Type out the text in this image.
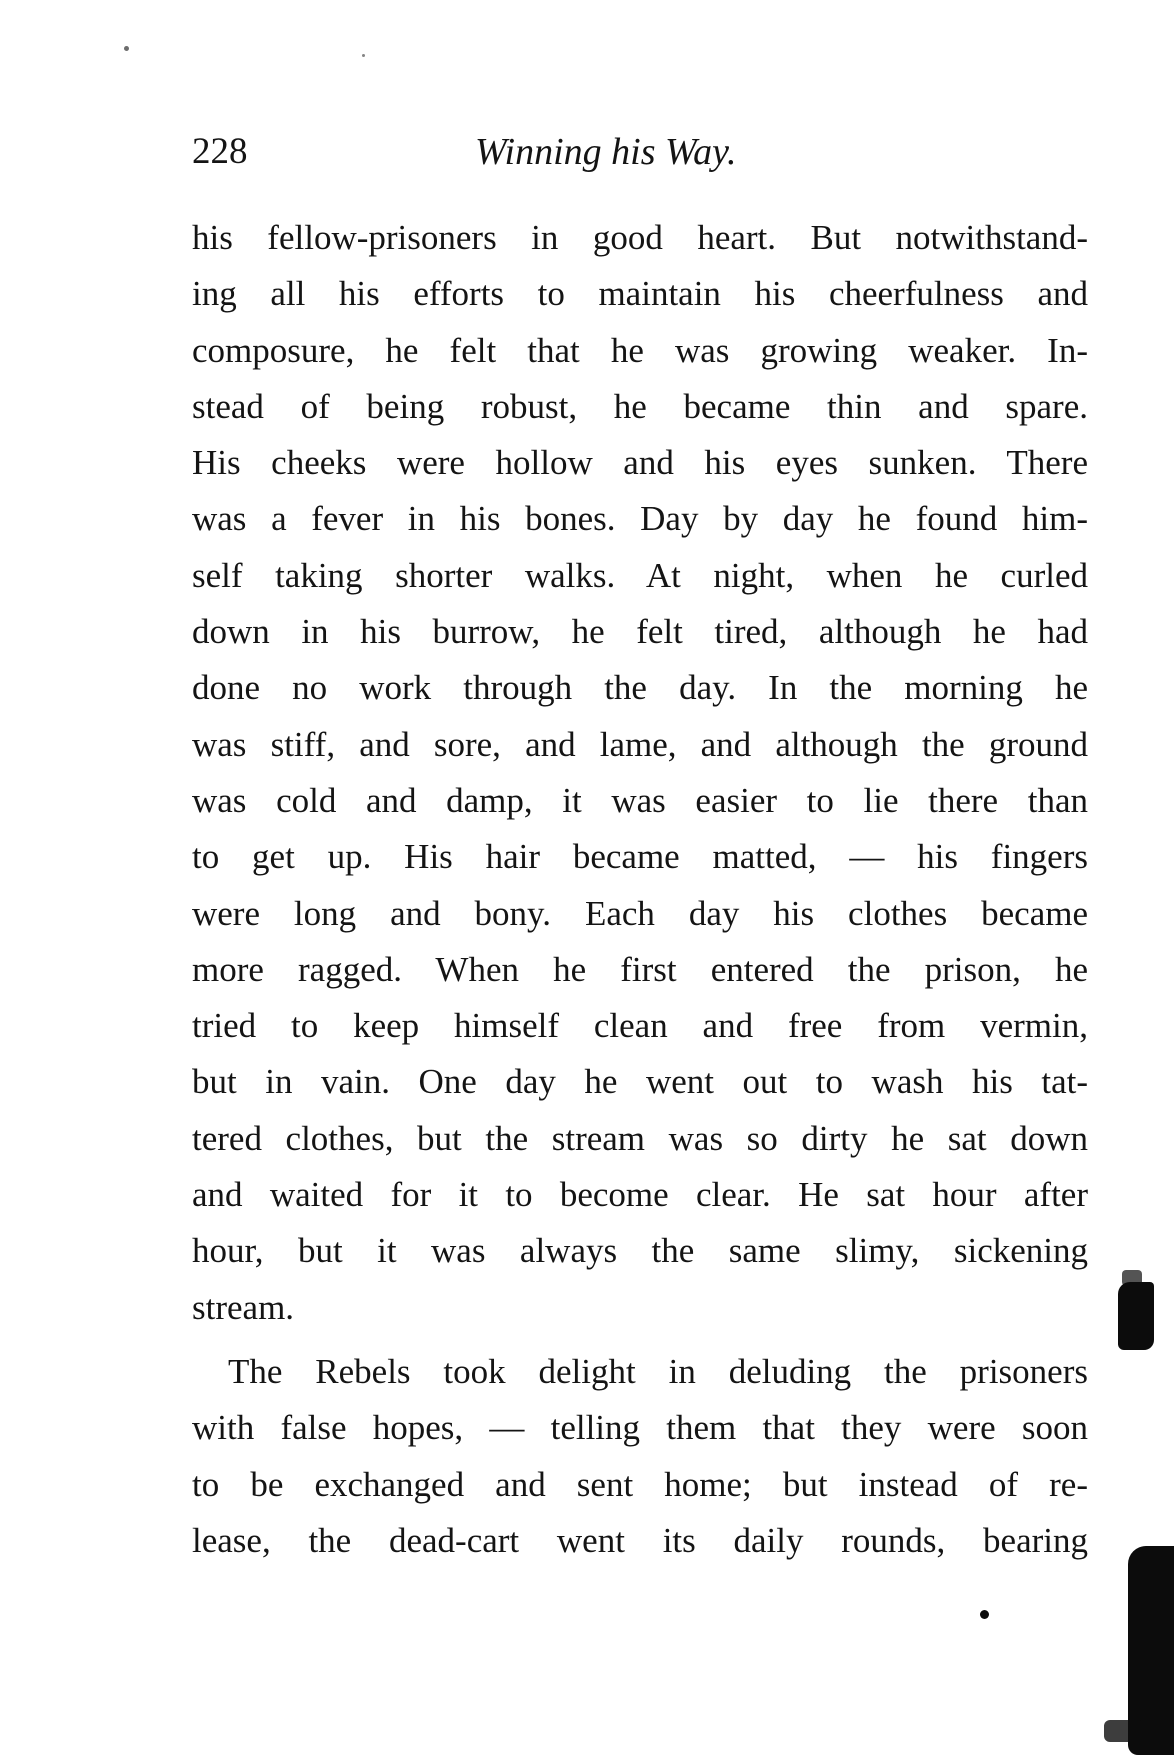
228	Winning his Way.
his fellow-prisoners in good heart. But notwithstand-
ing all his efforts to maintain his cheerfulness and
composure, he felt that he was growing weaker. In-
stead of being robust, he became thin and spare.
His cheeks were hollow and his eyes sunken. There
was a fever in his bones. Day by day he found him-
self taking shorter walks. At night, when he curled
down in his burrow, he felt tired, although he had
done no work through the day. In the morning he
was stiff, and sore, and lame, and although the ground
was cold and damp, it was easier to lie there than
to get up. His hair became matted, — his fingers
were long and bony. Each day his clothes became
more ragged. When he first entered the prison, he
tried to keep himself clean and free from vermin,
but in vain. One day he went out to wash his tat-
tered clothes, but the stream was so dirty he sat down
and waited for it to become clear. He sat hour after
hour, but it was always the same slimy, sickening
stream.
The Rebels took delight in deluding the prisoners
with false hopes, — telling them that they were soon
to be exchanged and sent home; but instead of re-
lease, the dead-cart went its daily rounds, bearing
